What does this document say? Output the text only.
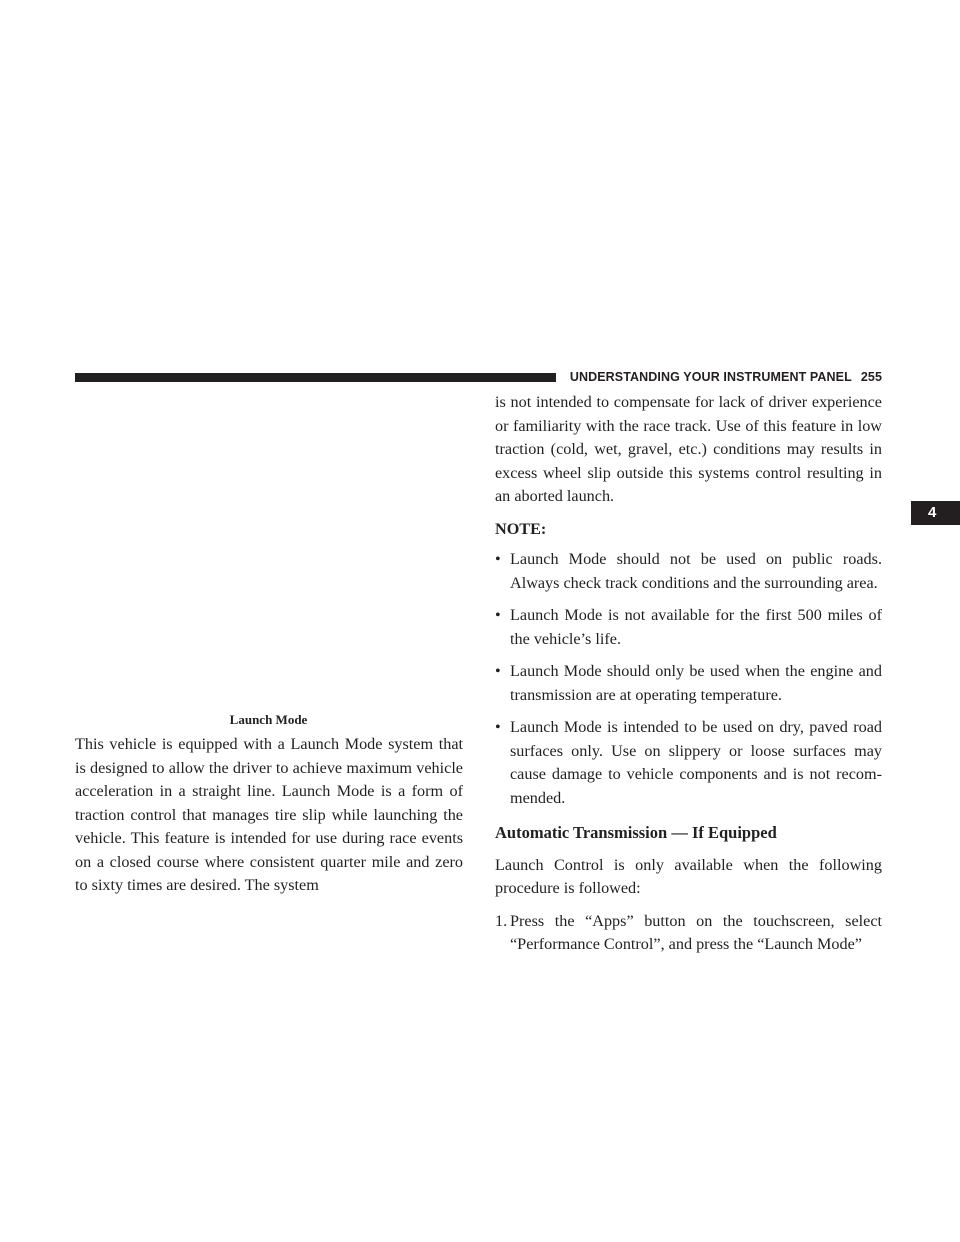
UNDERSTANDING YOUR INSTRUMENT PANEL 255
4
Launch Mode

This vehicle is equipped with a Launch Mode system that is designed to allow the driver to achieve maximum vehicle acceleration in a straight line. Launch Mode is a form of traction control that manages tire slip while launching the vehicle. This feature is intended for use during race events on a closed course where consistent quarter mile and zero to sixty times are desired. The system

is not intended to compensate for lack of driver experience or familiarity with the race track. Use of this feature in low traction (cold, wet, gravel, etc.) conditions may results in excess wheel slip outside this systems control resulting in an aborted launch.

NOTE:

• Launch Mode should not be used on public roads. Always check track conditions and the surrounding area.
• Launch Mode is not available for the first 500 miles of the vehicle’s life.
• Launch Mode should only be used when the engine and transmission are at operating temperature.
• Launch Mode is intended to be used on dry, paved road surfaces only. Use on slippery or loose surfaces may cause damage to vehicle components and is not recom-mended.

Automatic Transmission — If Equipped

Launch Control is only available when the following procedure is followed:

1. Press the “Apps” button on the touchscreen, select “Performance Control”, and press the “Launch Mode”
